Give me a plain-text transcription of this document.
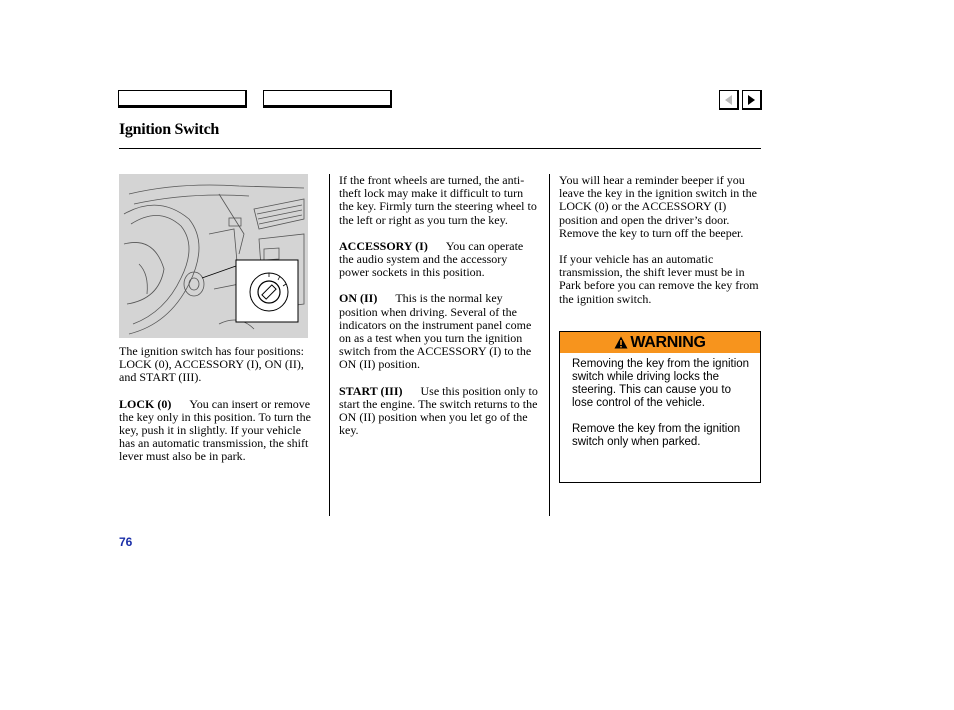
Ignition Switch

The ignition switch has four positions: LOCK (0), ACCESSORY (I), ON (II), and START (III).

LOCK (0) You can insert or remove the key only in this position. To turn the key, push it in slightly. If your vehicle has an automatic transmission, the shift lever must also be in park.

If the front wheels are turned, the anti-theft lock may make it difficult to turn the key. Firmly turn the steering wheel to the left or right as you turn the key.

ACCESSORY (I) You can operate the audio system and the accessory power sockets in this position.

ON (II) This is the normal key position when driving. Several of the indicators on the instrument panel come on as a test when you turn the ignition switch from the ACCESSORY (I) to the ON (II) position.

START (III) Use this position only to start the engine. The switch returns to the ON (II) position when you let go of the key.

You will hear a reminder beeper if you leave the key in the ignition switch in the LOCK (0) or the ACCESSORY (I) position and open the driver’s door. Remove the key to turn off the beeper.

If your vehicle has an automatic transmission, the shift lever must be in Park before you can remove the key from the ignition switch.

WARNING

Removing the key from the ignition switch while driving locks the steering. This can cause you to lose control of the vehicle.

Remove the key from the ignition switch only when parked.

76
